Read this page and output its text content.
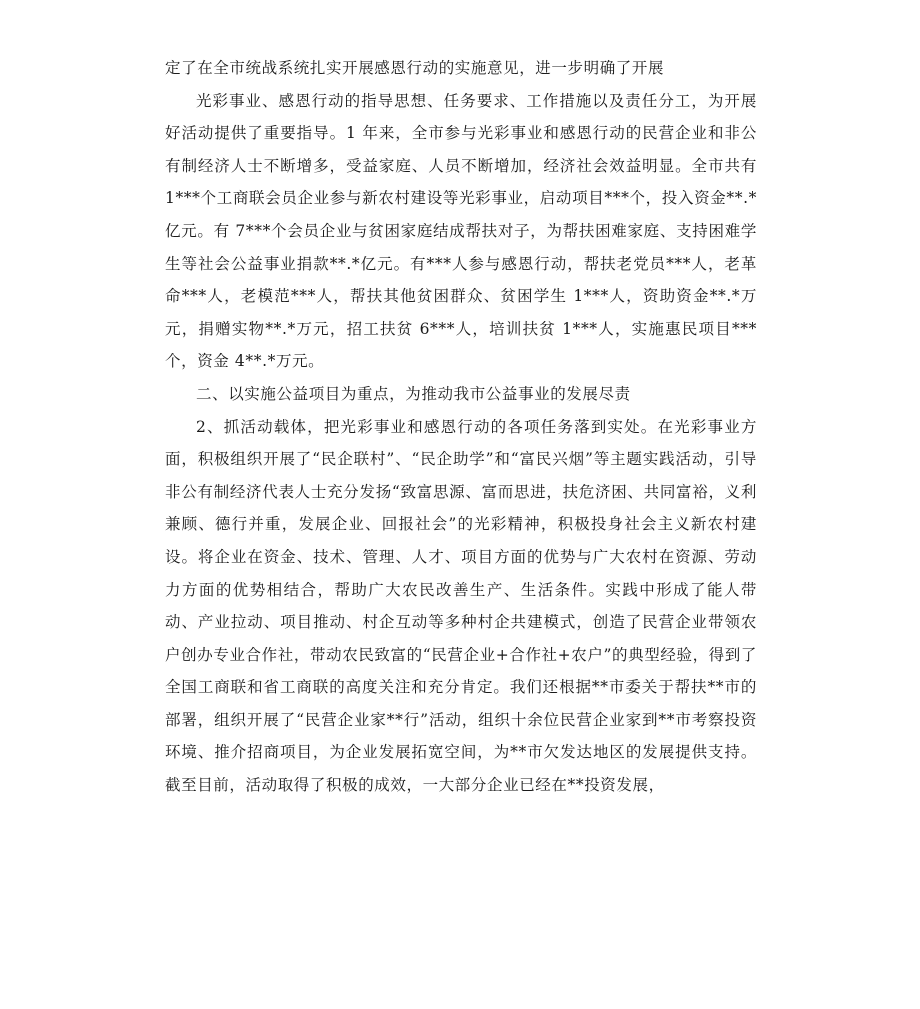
定了在全市统战系统扎实开展感恩行动的实施意见，进一步明确了开展

光彩事业、感恩行动的指导思想、任务要求、工作措施以及责任分工，为开展好活动提供了重要指导。1 年来，全市参与光彩事业和感恩行动的民营企业和非公有制经济人士不断增多，受益家庭、人员不断增加，经济社会效益明显。全市共有1***个工商联会员企业参与新农村建设等光彩事业，启动项目***个，投入资金**.*亿元。有 7***个会员企业与贫困家庭结成帮扶对子，为帮扶困难家庭、支持困难学生等社会公益事业捐款**.*亿元。有***人参与感恩行动，帮扶老党员***人，老革命***人，老模范***人，帮扶其他贫困群众、贫困学生 1***人，资助资金**.*万元，捐赠实物**.*万元，招工扶贫 6***人，培训扶贫 1***人，实施惠民项目***个，资金 4**.*万元。

二、以实施公益项目为重点，为推动我市公益事业的发展尽责

2、抓活动载体，把光彩事业和感恩行动的各项任务落到实处。在光彩事业方面，积极组织开展了“民企联村”、“民企助学”和“富民兴烟”等主题实践活动，引导非公有制经济代表人士充分发扬“致富思源、富而思进，扶危济困、共同富裕，义利兼顾、德行并重，发展企业、回报社会”的光彩精神，积极投身社会主义新农村建设。将企业在资金、技术、管理、人才、项目方面的优势与广大农村在资源、劳动力方面的优势相结合，帮助广大农民改善生产、生活条件。实践中形成了能人带动、产业拉动、项目推动、村企互动等多种村企共建模式，创造了民营企业带领农户创办专业合作社，带动农民致富的“民营企业+合作社+农户”的典型经验，得到了全国工商联和省工商联的高度关注和充分肯定。我们还根据**市委关于帮扶**市的部署，组织开展了“民营企业家**行”活动，组织十余位民营企业家到**市考察投资环境、推介招商项目，为企业发展拓宽空间，为**市欠发达地区的发展提供支持。截至目前，活动取得了积极的成效，一大部分企业已经在**投资发展，
